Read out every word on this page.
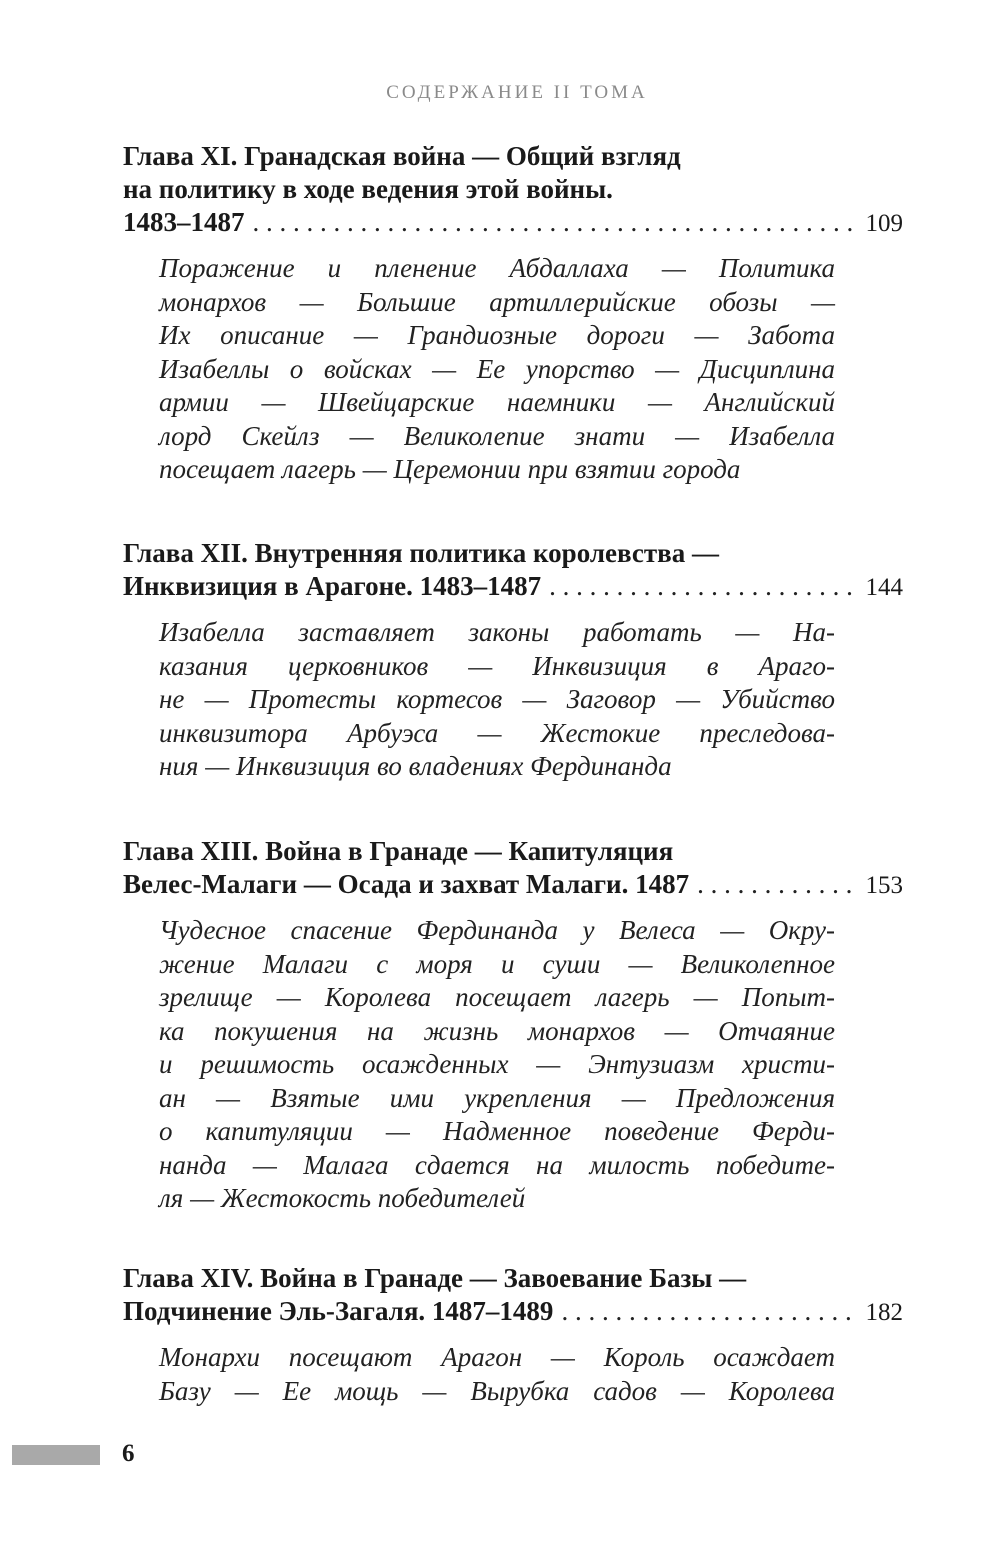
СОДЕРЖАНИЕ II ТОМА
Глава XI. Гранадская война — Общий взгляд
на политику в ходе ведения этой войны.
1483–1487 . . .	109
Поражение и пленение Абдаллаха — Политика
монархов — Большие артиллерийские обозы —
Их описание — Грандиозные дороги — Забота
Изабеллы о войсках — Ее упорство — Дисциплина
армии — Швейцарские наемники — Английский
лорд Скейлз — Великолепие знати — Изабелла
посещает лагерь — Церемонии при взятии города
Глава XII. Внутренняя политика королевства —
Инквизиция в Арагоне. 1483–1487 . . .	144
Изабелла заставляет законы работать — На-
казания церковников — Инквизиция в Араго-
не — Протесты кортесов — Заговор — Убийство
инквизитора Арбуэса — Жестокие преследова-
ния — Инквизиция во владениях Фердинанда
Глава XIII. Война в Гранаде — Капитуляция
Велес-Малаги — Осада и захват Малаги. 1487 . . .	153
Чудесное спасение Фердинанда у Велеса — Окру-
жение Малаги с моря и суши — Великолепное
зрелище — Королева посещает лагерь — Попыт-
ка покушения на жизнь монархов — Отчаяние
и решимость осажденных — Энтузиазм христи-
ан — Взятые ими укрепления — Предложения
о капитуляции — Надменное поведение Ферди-
нанда — Малага сдается на милость победите-
ля — Жестокость победителей
Глава XIV. Война в Гранаде — Завоевание Базы —
Подчинение Эль-Загаля. 1487–1489 . . .	182
Монархи посещают Арагон — Король осаждает
Базу — Ее мощь — Вырубка садов — Королева
6
